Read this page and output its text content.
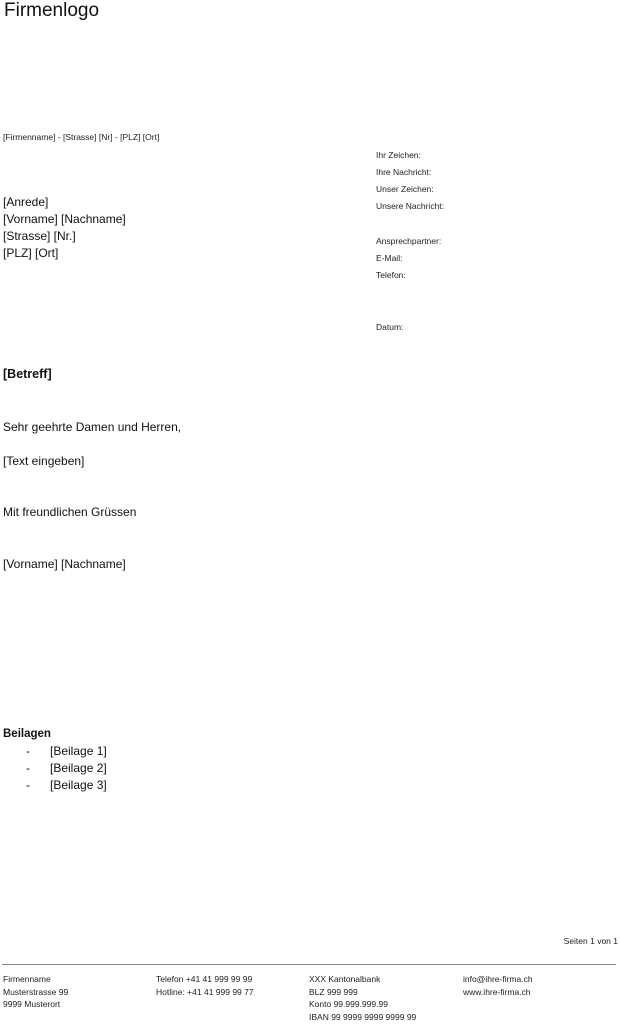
Firmenlogo
[Firmenname] - [Strasse] [Nr] - [PLZ] [Ort]
[Anrede]
[Vorname] [Nachname]
[Strasse] [Nr.]
[PLZ] [Ort]
Ihr Zeichen:
Ihre Nachricht:
Unser Zeichen:
Unsere Nachricht:
Ansprechpartner:
E-Mail:
Telefon:
Datum:
[Betreff]
Sehr geehrte Damen und Herren,
[Text eingeben]
Mit freundlichen Grüssen
[Vorname] [Nachname]
Beilagen
- [Beilage 1]
- [Beilage 2]
- [Beilage 3]
Seiten 1 von 1
Firmenname
Musterstrasse 99
9999 Musterort
Telefon +41 41 999 99 99
Hotline: +41 41 999 99 77
XXX Kantonalbank
BLZ 999 999
Konto 99.999.999.99
IBAN 99 9999 9999 9999 99
info@ihre-firma.ch
www.ihre-firma.ch
